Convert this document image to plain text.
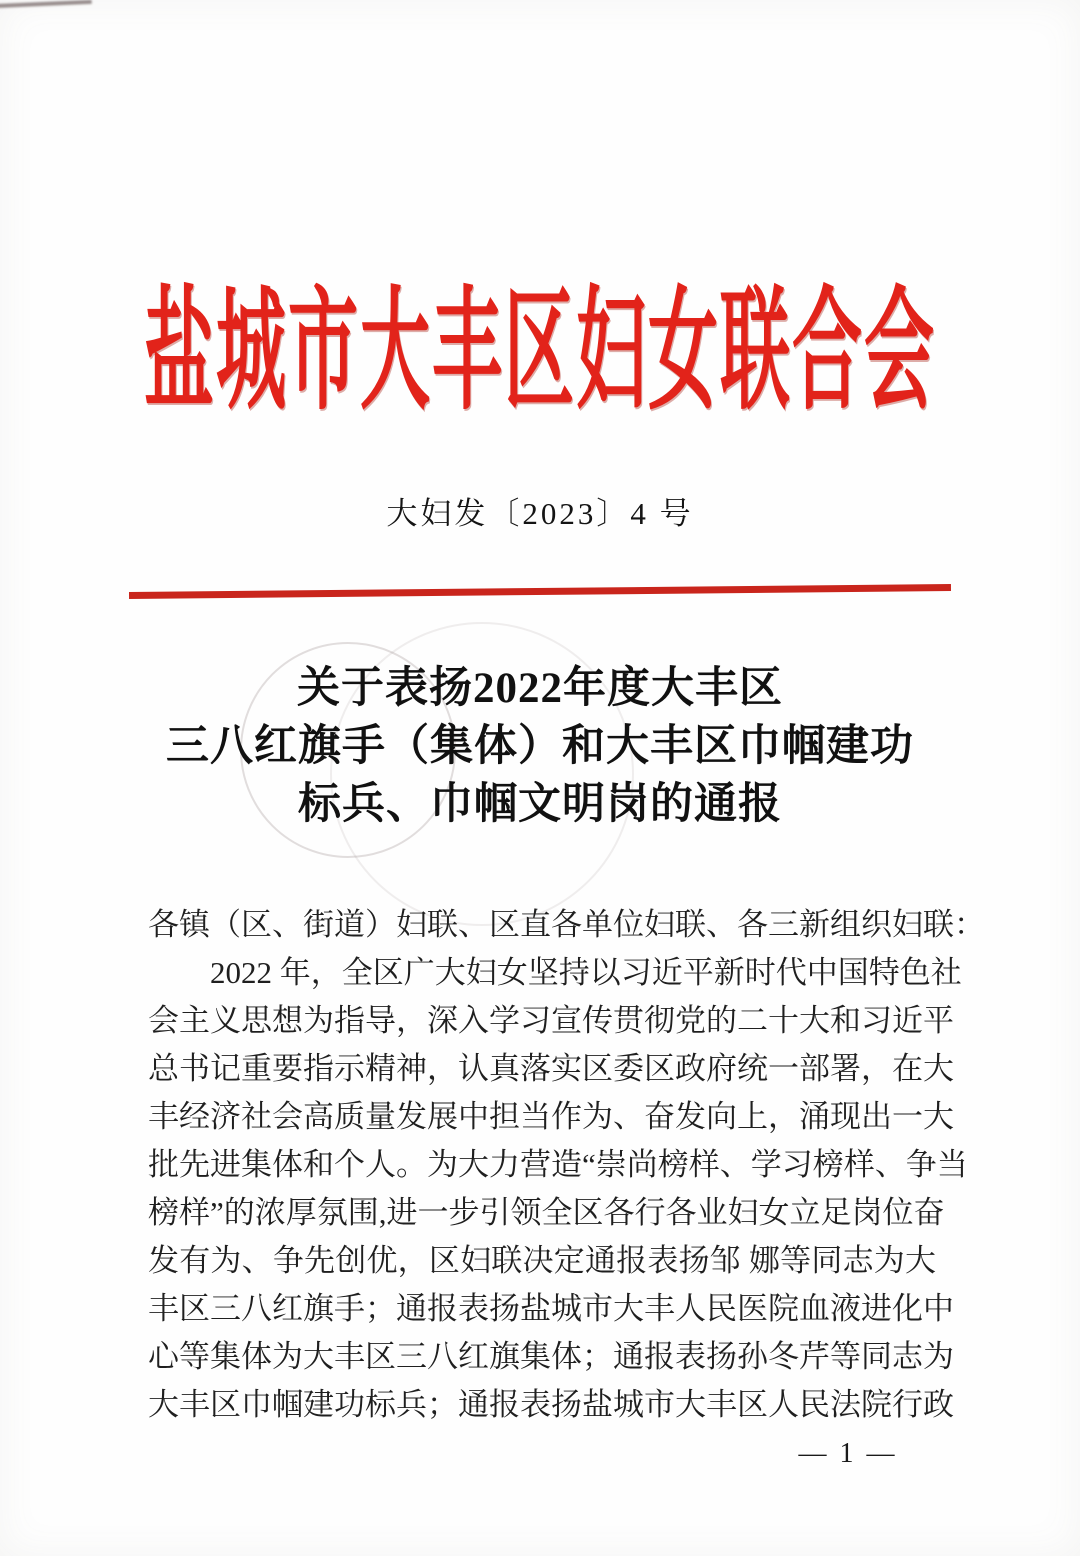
盐城市大丰区妇女联合会
大妇发〔2023〕4 号
关于表扬2022年度大丰区
三八红旗手（集体）和大丰区巾帼建功
标兵、巾帼文明岗的通报
各镇（区、街道）妇联、区直各单位妇联、各三新组织妇联：
2022 年，全区广大妇女坚持以习近平新时代中国特色社
会主义思想为指导，深入学习宣传贯彻党的二十大和习近平
总书记重要指示精神，认真落实区委区政府统一部署，在大
丰经济社会高质量发展中担当作为、奋发向上，涌现出一大
批先进集体和个人。为大力营造“崇尚榜样、学习榜样、争当
榜样”的浓厚氛围,进一步引领全区各行各业妇女立足岗位奋
发有为、争先创优，区妇联决定通报表扬邹 娜等同志为大
丰区三八红旗手；通报表扬盐城市大丰人民医院血液进化中
心等集体为大丰区三八红旗集体；通报表扬孙冬芹等同志为
大丰区巾帼建功标兵；通报表扬盐城市大丰区人民法院行政
— 1 —
